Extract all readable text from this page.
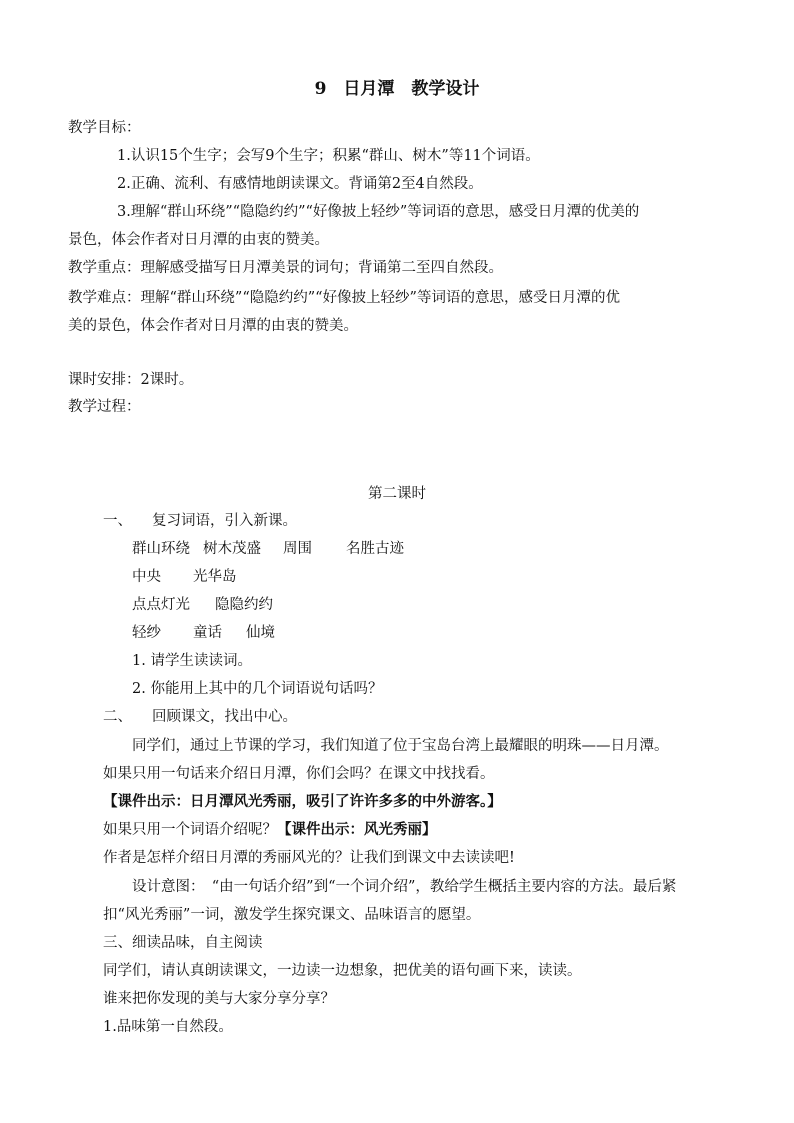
9　日月潭　教学设计
教学目标：
1.认识15个生字；会写9个生字；积累“群山、树木”等11个词语。
2.正确、流利、有感情地朗读课文。背诵第2至4自然段。
3.理解“群山环绕”“隐隐约约”“好像披上轻纱”等词语的意思，感受日月潭的优美的
景色，体会作者对日月潭的由衷的赞美。
教学重点：理解感受描写日月潭美景的词句；背诵第二至四自然段。
教学难点：理解“群山环绕”“隐隐约约”“好像披上轻纱”等词语的意思，感受日月潭的优
美的景色，体会作者对日月潭的由衷的赞美。
课时安排：2课时。
教学过程：
第二课时
一、 复习词语，引入新课。
群山环绕 树木茂盛 周围 名胜古迹
中央 光华岛
点点灯光 隐隐约约
轻纱 童话 仙境
1. 请学生读读词。
2. 你能用上其中的几个词语说句话吗？
二、 回顾课文，找出中心。
同学们，通过上节课的学习，我们知道了位于宝岛台湾上最耀眼的明珠——日月潭。
如果只用一句话来介绍日月潭，你们会吗？在课文中找找看。
【课件出示：日月潭风光秀丽，吸引了许许多多的中外游客。】
如果只用一个词语介绍呢？【课件出示：风光秀丽】
作者是怎样介绍日月潭的秀丽风光的？让我们到课文中去读读吧!
设计意图：　“由一句话介绍”到“一个词介绍”，教给学生概括主要内容的方法。最后紧
扣“风光秀丽”一词，激发学生探究课文、品味语言的愿望。
三、细读品味，自主阅读
同学们，请认真朗读课文，一边读一边想象，把优美的语句画下来，读读。
谁来把你发现的美与大家分享分享？
1.品味第一自然段。
